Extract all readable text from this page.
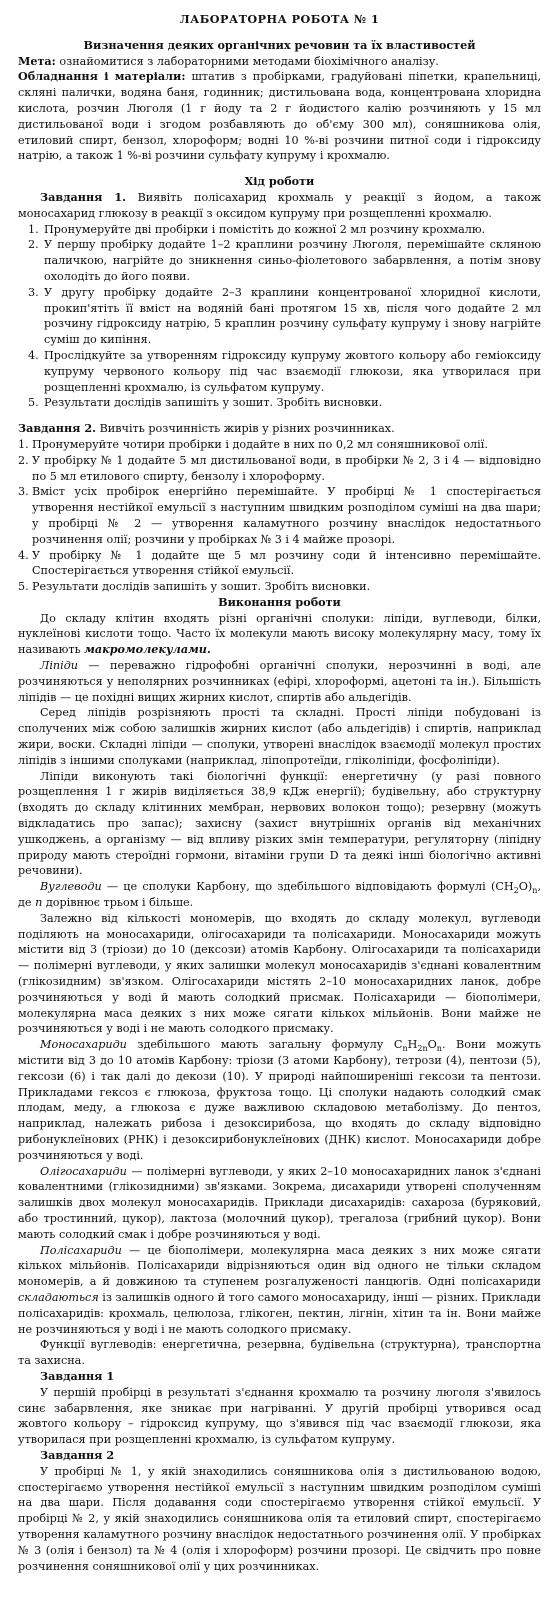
ЛАБОРАТОРНА РОБОТА № 1

Визначення деяких органічних речовин та їх властивостей

Мета: ознайомитися з лабораторними методами біохімічного аналізу.

Обладнання і матеріали: штатив з пробірками, градуйовані піпетки, крапельниці, скляні палички, водяна баня, годинник; дистильована вода, концентрована хлоридна кислота, розчин Люголя (1 г йоду та 2 г йодистого калію розчиняють у 15 мл дистильованої води і згодом розбавляють до об'єму 300 мл), соняшникова олія, етиловий спирт, бензол, хлороформ; водні 10 %-ві розчини питної соди і гідроксиду натрію, а також 1 %-ві розчини сульфату купруму і крохмалю.

Хід роботи

Завдання 1. Виявіть полісахарид крохмаль у реакції з йодом, а також моносахарид глюкозу в реакції з оксидом купруму при розщепленні крохмалю.

1. Пронумеруйте дві пробірки і помістіть до кожної 2 мл розчину крохмалю.
2. У першу пробірку додайте 1–2 краплини розчину Люголя, перемішайте скляною паличкою, нагрійте до зникнення синьо-фіолетового забарвлення, а потім знову охолодіть до його появи.
3. У другу пробірку додайте 2–3 краплини концентрованої хлоридної кислоти, прокип'ятіть її вміст на водяній бані протягом 15 хв, після чого додайте 2 мл розчину гідроксиду натрію, 5 краплин розчину сульфату купруму і знову нагрійте суміш до кипіння.
4. Прослідкуйте за утворенням гідроксиду купруму жовтого кольору або геміоксиду купруму червоного кольору під час взаємодії глюкози, яка утворилася при розщепленні крохмалю, із сульфатом купруму.
5. Результати дослідів запишіть у зошит. Зробіть висновки.

Завдання 2. Вивчіть розчинність жирів у різних розчинниках.

1. Пронумеруйте чотири пробірки і додайте в них по 0,2 мл соняшникової олії.
2. У пробірку № 1 додайте 5 мл дистильованої води, в пробірки № 2, 3 і 4 — відповідно по 5 мл етилового спирту, бензолу і хлороформу.
3. Вміст усіх пробірок енергійно перемішайте. У пробірці № 1 спостерігається утворення нестійкої емульсії з наступним швидким розподілом суміші на два шари; у пробірці № 2 — утворення каламутного розчину внаслідок недостатнього розчинення олії; розчини у пробірках № 3 і 4 майже прозорі.
4. У пробірку № 1 додайте ще 5 мл розчину соди й інтенсивно перемішайте. Спостерігається утворення стійкої емульсії.
5. Результати дослідів запишіть у зошит. Зробіть висновки.

Виконання роботи

До складу клітин входять різні органічні сполуки: ліпіди, вуглеводи, білки, нуклеїнові кислоти тощо. Часто їх молекули мають високу молекулярну масу, тому їх називають макромолекулами.

Ліпіди — переважно гідрофобні органічні сполуки, нерозчинні в воді, але розчиняються у неполярних розчинниках (ефірі, хлороформі, ацетоні та ін.). Більшість ліпідів — це похідні вищих жирних кислот, спиртів або альдегідів.

Серед ліпідів розрізняють прості та складні. Прості ліпіди побудовані із сполучених між собою залишків жирних кислот (або альдегідів) і спиртів, наприклад жири, воски. Складні ліпіди — сполуки, утворені внаслідок взаємодії молекул простих ліпідів з іншими сполуками (наприклад, ліпопротеїди, гліколіпіди, фосфоліпіди).

Ліпіди виконують такі біологічні функції: енергетичну (у разі повного розщеплення 1 г жирів виділяється 38,9 кДж енергії); будівельну, або структурну (входять до складу клітинних мембран, нервових волокон тощо); резервну (можуть відкладатись про запас); захисну (захист внутрішніх органів від механічних ушкоджень, а організму — від впливу різких змін температури, регуляторну (ліпідну природу мають стероїдні гормони, вітаміни групи D та деякі інші біологічно активні речовини).

Вуглеводи — це сполуки Карбону, що здебільшого відповідають формулі $(CH_2O)_n$, де n дорівнює трьом і більше.

Залежно від кількості мономерів, що входять до складу молекул, вуглеводи поділяють на моносахариди, олігосахариди та полісахариди. Моносахариди можуть містити від 3 (тріози) до 10 (дексози) атомів Карбону. Олігосахариди та полісахариди — полімерні вуглеводи, у яких залишки молекул моносахаридів з'єднані ковалентним (глікозидним) зв'язком. Олігосахариди містять 2–10 моносахаридних ланок, добре розчиняються у воді й мають солодкий присмак. Полісахариди — біополімери, молекулярна маса деяких з них може сягати кількох мільйонів. Вони майже не розчиняються у воді і не мають солодкого присмаку.

Моносахариди здебільшого мають загальну формулу $C_nH_{2n}O_n$. Вони можуть містити від 3 до 10 атомів Карбону: тріози (3 атоми Карбону), тетрози (4), пентози (5), гексози (6) і так далі до декози (10). У природі найпоширеніші гексози та пентози. Прикладами гексоз є глюкоза, фруктоза тощо. Ці сполуки надають солодкий смак плодам, меду, а глюкоза є дуже важливою складовою метаболізму. До пентоз, наприклад, належать рибоза і дезоксирибоза, що входять до складу відповідно рибонуклеїнових (РНК) і дезоксирибонуклеїнових (ДНК) кислот. Моносахариди добре розчиняються у воді.

Олігосахариди — полімерні вуглеводи, у яких 2–10 моносахаридних ланок з'єднані ковалентними (глікозидними) зв'язками. Зокрема, дисахариди утворені сполученням залишків двох молекул моносахаридів. Приклади дисахаридів: сахароза (бурякoвий, або тростинний, цукор), лактоза (молочний цукор), трегалоза (грибний цукор). Вони мають солодкий смак і добре розчиняються у воді.

Полісахариди — це біополімери, молекулярна маса деяких з них може сягати кількох мільйонів. Полісахариди відрізняються один від одного не тільки складом мономерів, а й довжиною та ступенем розгалуженості ланцюгів. Одні полісахариди складаються із залишків одного й того самого моносахариду, інші — різних. Приклади полісахаридів: крохмаль, целюлоза, глікоген, пектин, лігнін, хітин та ін. Вони майже не розчиняються у воді і не мають солодкого присмаку.

Функції вуглеводів: енергетична, резервна, будівельна (структурна), транспортна та захисна.

Завдання 1

У першій пробірці в результаті з'єднання крохмалю та розчину люголя з'явилось синє забарвлення, яке зникає при нагріванні. У другій пробірці утворився осад жовтого кольору – гідроксид купруму, що з'явився під час взаємодії глюкози, яка утворилася при розщепленні крохмалю, із сульфатом купруму.

Завдання 2

У пробірці № 1, у якій знаходились соняшникова олія з дистильованою водою, спостерігаємо утворення нестійкої емульсії з наступним швидким розподілом суміші на два шари. Після додавання соди спостерігаємо утворення стійкої емульсії. У пробірці № 2, у якій знаходились соняшникова олія та етиловий спирт, спостерігаємо утворення каламутного розчину внаслідок недостатнього розчинення олії. У пробірках № 3 (олія і бензол) та № 4 (олія і хлороформ) розчини прозорі. Це свідчить про повне розчинення соняшникової олії у цих розчинниках.
